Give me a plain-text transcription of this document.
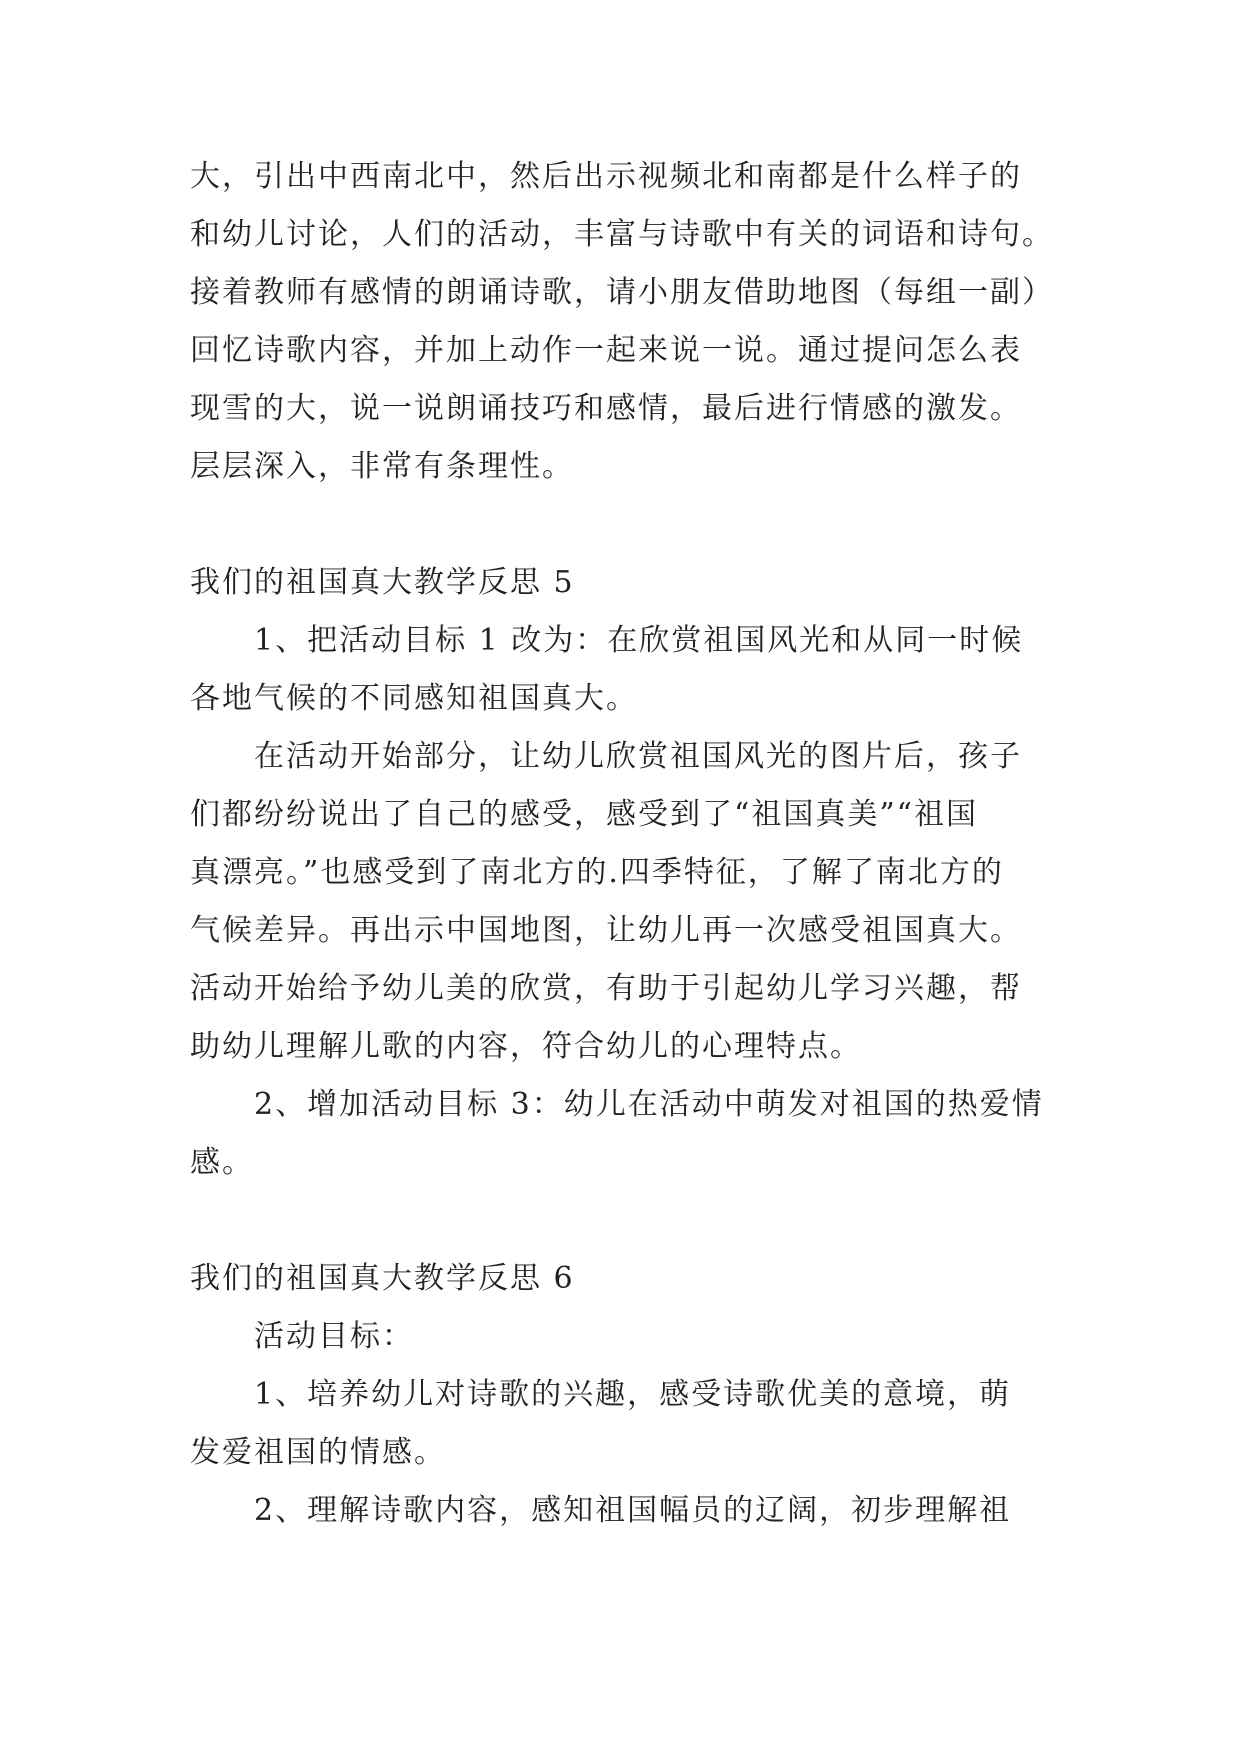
大，引出中西南北中，然后出示视频北和南都是什么样子的
和幼儿讨论，人们的活动，丰富与诗歌中有关的词语和诗句。
接着教师有感情的朗诵诗歌，请小朋友借助地图（每组一副）
回忆诗歌内容，并加上动作一起来说一说。通过提问怎么表
现雪的大，说一说朗诵技巧和感情，最后进行情感的激发。
层层深入，非常有条理性。
我们的祖国真大教学反思 5
1、把活动目标 1 改为：在欣赏祖国风光和从同一时候
各地气候的不同感知祖国真大。
在活动开始部分，让幼儿欣赏祖国风光的图片后，孩子
们都纷纷说出了自己的感受，感受到了“祖国真美”“祖国
真漂亮。”也感受到了南北方的.四季特征，了解了南北方的
气候差异。再出示中国地图，让幼儿再一次感受祖国真大。
活动开始给予幼儿美的欣赏，有助于引起幼儿学习兴趣，帮
助幼儿理解儿歌的内容，符合幼儿的心理特点。
2、增加活动目标 3：幼儿在活动中萌发对祖国的热爱情
感。
我们的祖国真大教学反思 6
活动目标：
1、培养幼儿对诗歌的兴趣，感受诗歌优美的意境，萌
发爱祖国的情感。
2、理解诗歌内容，感知祖国幅员的辽阔，初步理解祖
